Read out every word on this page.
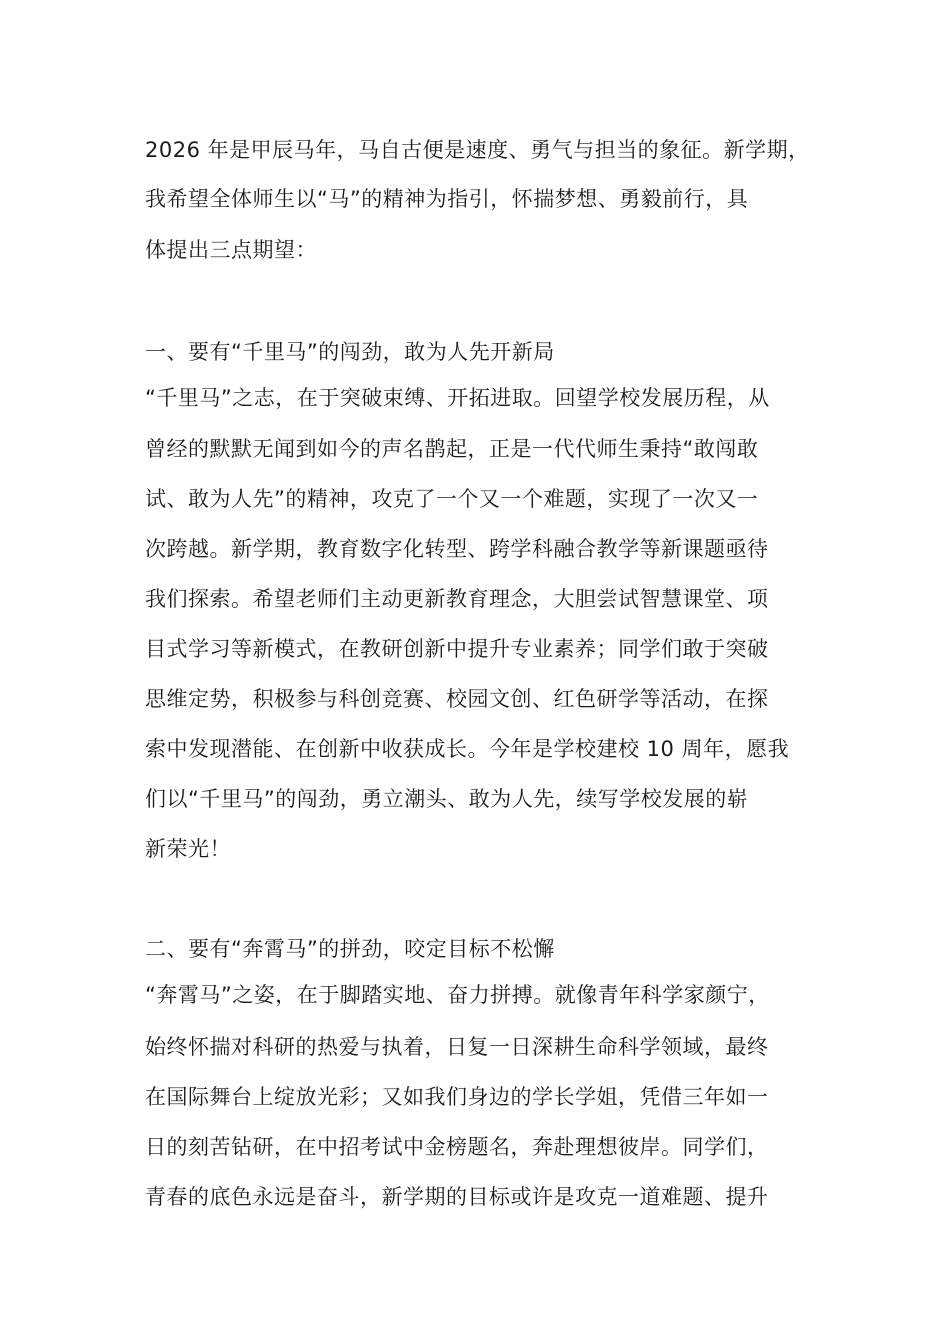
2026 年是甲辰马年，马自古便是速度、勇气与担当的象征。新学期，
我希望全体师生以“马”的精神为指引，怀揣梦想、勇毅前行，具
体提出三点期望：
一、要有“千里马”的闯劲，敢为人先开新局
“千里马”之志，在于突破束缚、开拓进取。回望学校发展历程，从
曾经的默默无闻到如今的声名鹊起，正是一代代师生秉持“敢闯敢
试、敢为人先”的精神，攻克了一个又一个难题，实现了一次又一
次跨越。新学期，教育数字化转型、跨学科融合教学等新课题亟待
我们探索。希望老师们主动更新教育理念，大胆尝试智慧课堂、项
目式学习等新模式，在教研创新中提升专业素养；同学们敢于突破
思维定势，积极参与科创竞赛、校园文创、红色研学等活动，在探
索中发现潜能、在创新中收获成长。今年是学校建校 10 周年，愿我
们以“千里马”的闯劲，勇立潮头、敢为人先，续写学校发展的崭
新荣光！
二、要有“奔霄马”的拼劲，咬定目标不松懈
“奔霄马”之姿，在于脚踏实地、奋力拼搏。就像青年科学家颜宁，
始终怀揣对科研的热爱与执着，日复一日深耕生命科学领域，最终
在国际舞台上绽放光彩；又如我们身边的学长学姐，凭借三年如一
日的刻苦钻研，在中招考试中金榜题名，奔赴理想彼岸。同学们，
青春的底色永远是奋斗，新学期的目标或许是攻克一道难题、提升
